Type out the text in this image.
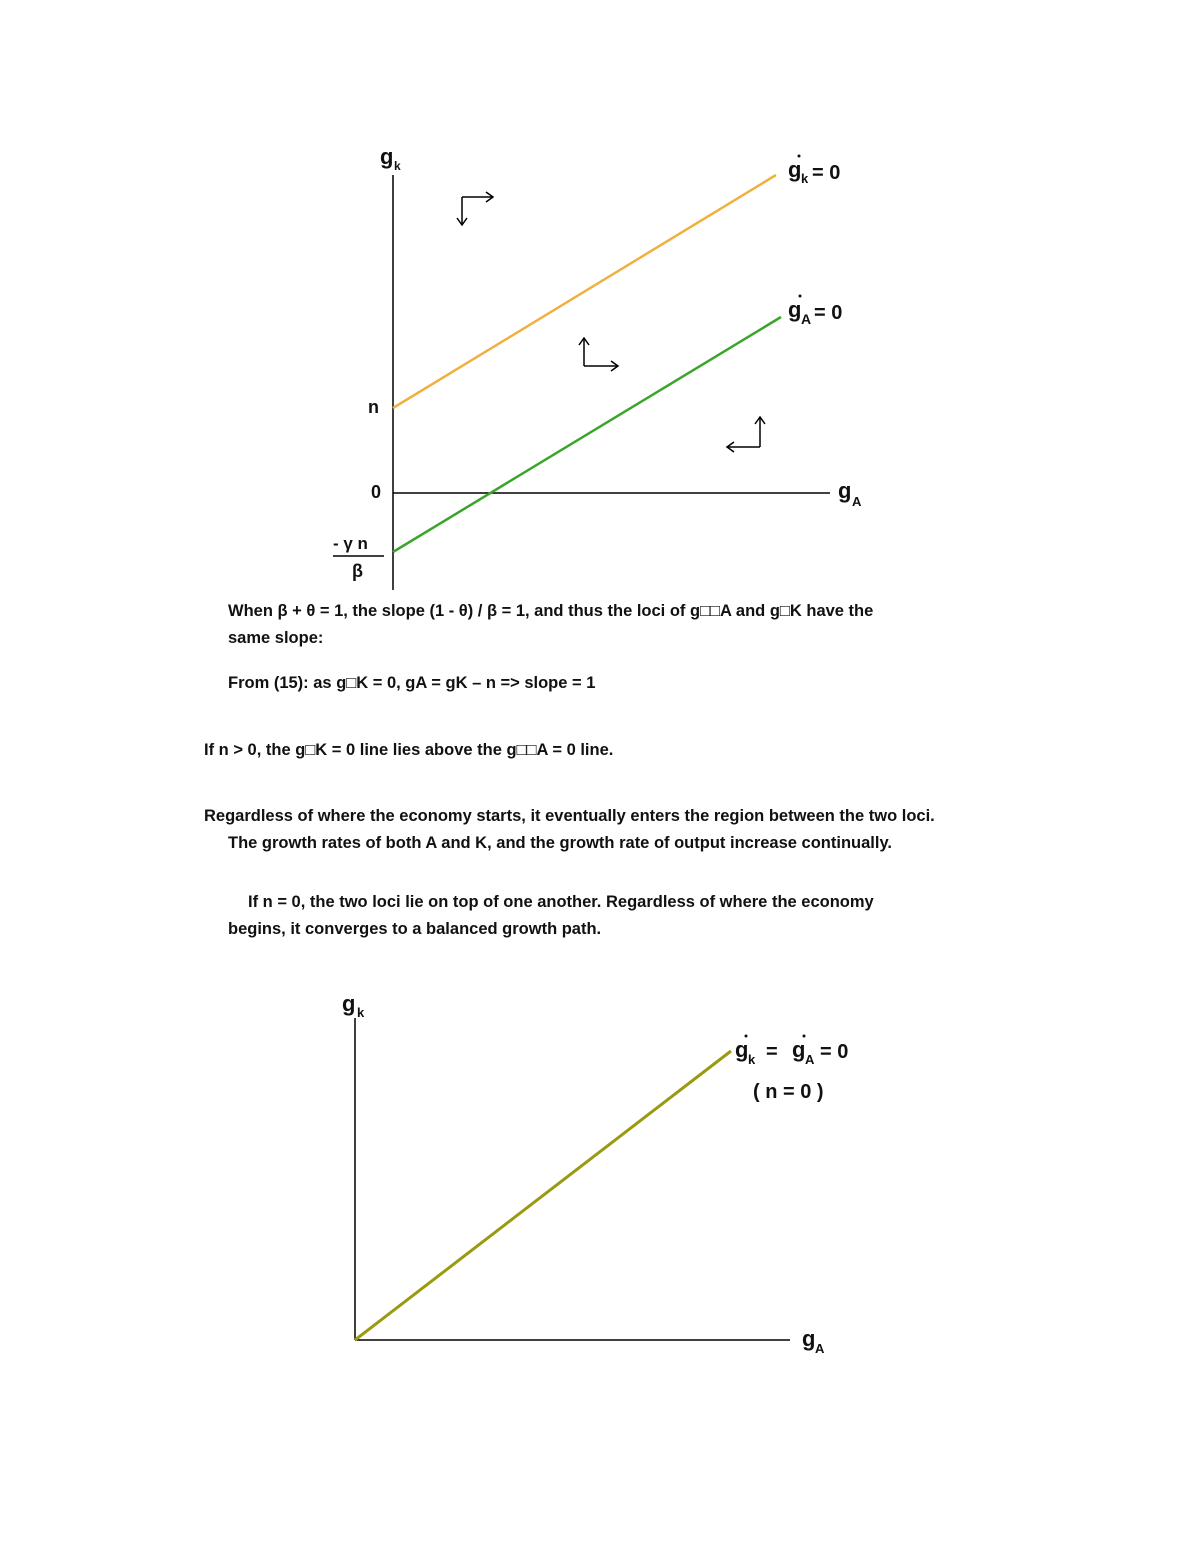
g k
g A
n
0
- γ n
β
g k = 0
g A = 0
When β + θ = 1, the slope (1 - θ) / β = 1, and thus the loci of g□□A and g□K have the
same slope:
From (15): as g□K = 0, gA = gK – n => slope = 1
If n > 0, the g□K = 0 line lies above the g□□A = 0 line.
Regardless of where the economy starts, it eventually enters the region between the two loci.
The growth rates of both A and K, and the growth rate of output increase continually.
If n = 0, the two loci lie on top of one another. Regardless of where the economy
begins, it converges to a balanced growth path.
g k
g A
g k = g A = 0
( n = 0 )
